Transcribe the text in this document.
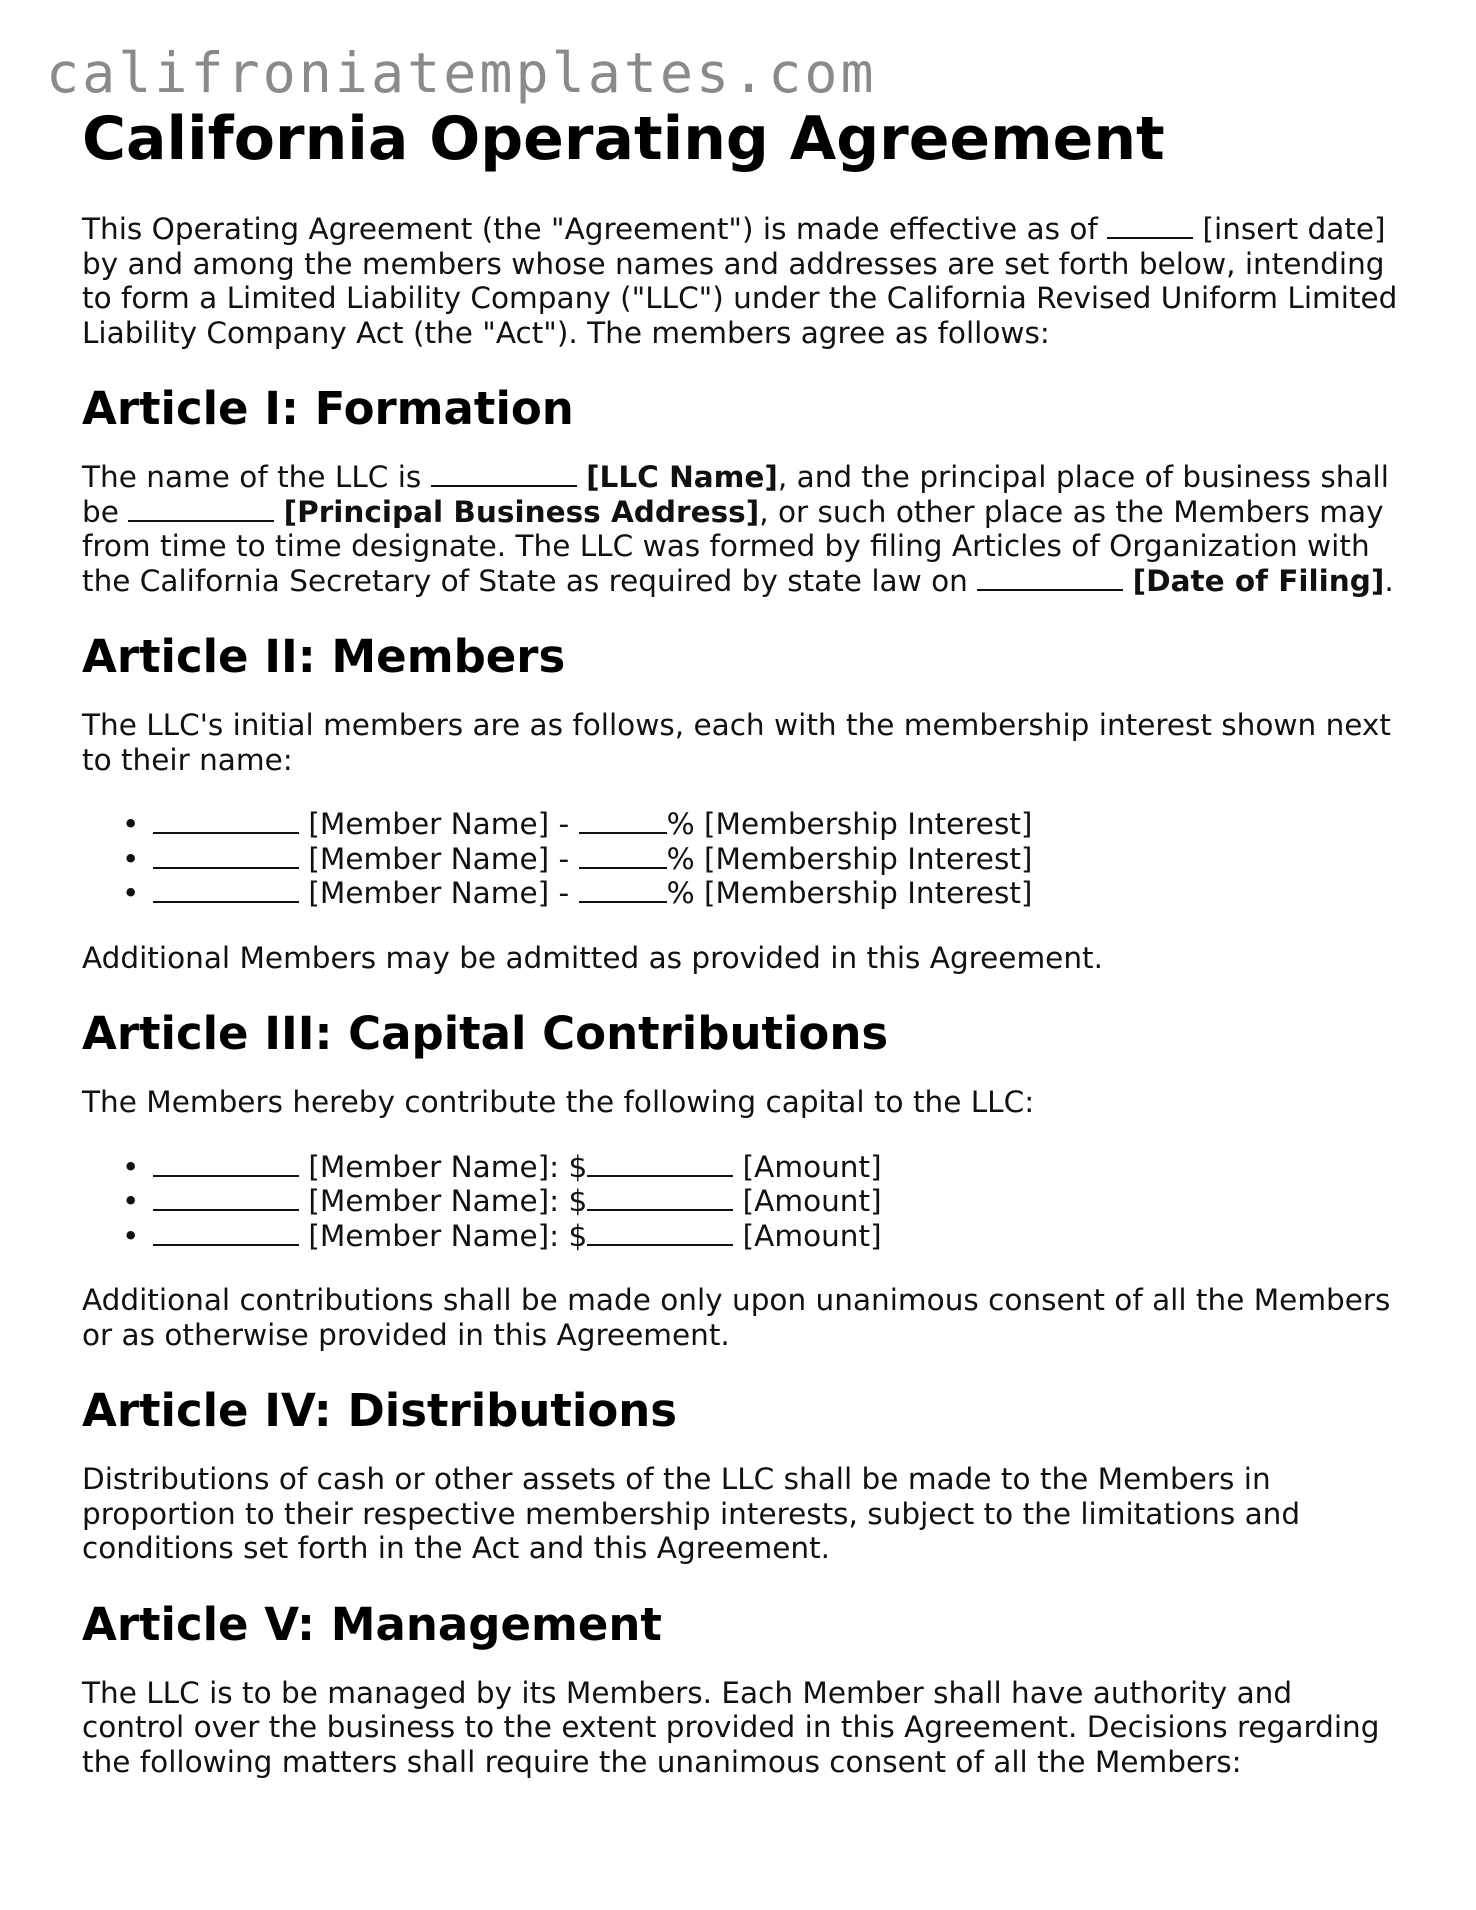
califroniatemplates.com
California Operating Agreement

This Operating Agreement (the "Agreement") is made effective as of	[insert date] by and among the members whose names and addresses are set forth below, intending to form a Limited Liability Company ("LLC") under the California Revised Uniform Limited Liability Company Act (the "Act"). The members agree as follows:

Article I: Formation

The name of the LLC is	[LLC Name], and the principal place of business shall be	[Principal Business Address], or such other place as the Members may from time to time designate. The LLC was formed by filing Articles of Organization with the California Secretary of State as required by state law on	[Date of Filing].

Article II: Members

The LLC's initial members are as follows, each with the membership interest shown next to their name:

• [Member Name] -	% [Membership Interest]
• [Member Name] -	% [Membership Interest]
• [Member Name] -	% [Membership Interest]

Additional Members may be admitted as provided in this Agreement.

Article III: Capital Contributions

The Members hereby contribute the following capital to the LLC:

• [Member Name]: $	[Amount]
• [Member Name]: $	[Amount]
• [Member Name]: $	[Amount]

Additional contributions shall be made only upon unanimous consent of all the Members or as otherwise provided in this Agreement.

Article IV: Distributions

Distributions of cash or other assets of the LLC shall be made to the Members in proportion to their respective membership interests, subject to the limitations and conditions set forth in the Act and this Agreement.

Article V: Management

The LLC is to be managed by its Members. Each Member shall have authority and control over the business to the extent provided in this Agreement. Decisions regarding the following matters shall require the unanimous consent of all the Members:
